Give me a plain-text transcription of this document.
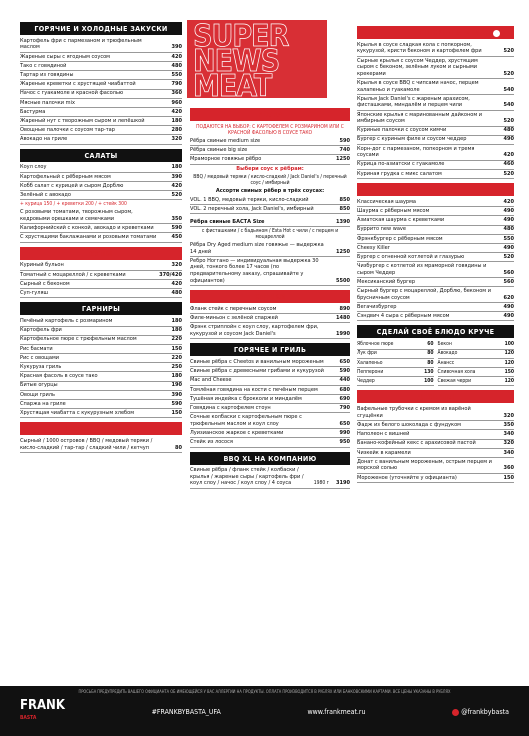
ГОРЯЧИЕ И ХОЛОДНЫЕ ЗАКУСКИ
Картофель фри с пармезаном и трюфельным маслом	390
Жареные сыры с ягодным соусом	420
Тако с говядиной	480
Тартар из говядины	550
Жареные креветки с хрустящей чиабаттой	790
Начос с гуакамоле и красной фасолью	360
Мясные палочки mix	960
Бастурма	420
Жареный нут с творожным сыром и лепёшкой	180
Овощные палочки с соусом тар-тар	280
Авокадо на гриле	320
САЛАТЫ
Коул слоу	180
Картофельный с рёберным мясом	390
Кобб салат с курицей и сыром Дорблю	420
Зелёный с авокадо	520
+ курица 150 / + креветки 200 / + стейк 300
С розовыми томатами, творожным сыром, кедровыми орешками и семечками	350
Калифорнийский с конкой, авокадо и креветками	590
С хрустящими баклажанами и розовыми томатами	450
СУПЫ
Куриный бульон	320
Томатный с моцареллой / с креветками	370/420
Сырный с беконом	420
Суп-гуляш	480
ГАРНИРЫ
Печёный картофель с розмарином	180
Картофель фри	180
Картофельное пюре с трюфельным маслом	220
Рис басмати	150
Рис с овощами	220
Кукуруза гриль	250
Красная фасоль в соусе тако	180
Битые огурцы	190
Овощи гриль	390
Спаржа на гриле	590
Хрустящая чиабатта с кукурузным хлебом	150
СОУСЫ НА ВЫБОР
Сырный / 1000 островов / BBQ / медовый теряки / кисло-сладкий / тар-тар / сладкий чили / кетчуп	80
SUPER
NEWS
MEAT
РЁБРА
ПОДАЮТСЯ НА ВЫБОР: С КАРТОФЕЛЕМ С РОЗМАРИНОМ ИЛИ С КРАСНОЙ ФАСОЛЬЮ В СОУСЕ ТАКО
Рёбра свиные medium size	590
Рёбра свиные big size	740
Мраморное говяжье рёбро	1250
Выбери соус к рёбрам:
BBQ / медовый теряки / кисло-сладкий / Jack Daniel's / перечный соус / имбирный
Ассорти свиных рёбер в трёх соусах:
VOL. 1 BBQ, медовый теряки, кисло-сладкий	850
VOL. 2 перечный хола, Jack Daniel's, имбирный	850
Рёбра свиные БАСТА Size	1390
с фисташками / с бадьяном / Esta Hot с чили / с перцем и моцареллой
Рёбра Dry Aged medium size говяжье — выдержка 14 дней	1250
Ребро Ноггано — индивидуальная выдержка 30 дней, тонкого более 17 часов (по предварительному заказу, спрашивайте у официантов)	5500
СТЕЙКИ
Фланк стейк с перечным соусом	890
Филе-миньон с зелёной спаржей	1480
Фрэнк стриплойн с коул слоу, картофелем фри, кукурузой и соусом Jack Daniel's	1990
ГОРЯЧЕЕ И ГРИЛЬ
Свиные рёбра с Cheetos и ванильным мороженым	650
Свиные рёбра с древесными грибами и кукурузой	590
Mac and Cheese	440
Томлёная говядина на кости с печёным перцем	680
Тушёная индейка с брокколи и миндалём	690
Говядина с картофелем стоун	790
Сочные колбаски с картофельным пюре с трюфельным маслом и коул слоу	650
Луизианское жаркое с креветками	990
Стейк из лосося	950
BBQ XL НА КОМПАНИЮ
Свиные рёбра / фланк стейк / колбаски / крылья / жареные сыры / картофель фри / коул слоу / начос / коул слоу / 4 соуса	1980 г	3190
CHICKEN & WINGS
Крылья в соусе сладкая кола с попкорном, кукурузой, кристи беконом и картофелем фри	520
Сырные крылья с соусом Чеддер, хрустящим сыром с беконом, зелёным луком и сырными крекерами	520
Крылья в соусе BBQ с чипсами начос, перцем халапеньо и гуакамоле	540
Крылья Jack Daniel's с жареным арахисом, фисташками, миндалём и перцем чили	540
Японские крылья с маринованным дайконом и имбирным соусом	520
Куриные палочки с соусом кимчи	480
Бургер с куриным филе и соусом чеддер	490
Корн-дог с пармезаном, попкорном и тремя соусами	420
Курица по-азиатски с гуакамоле	460
Куриная грудка с микс салатом	520
СТРИТФУД
Классическая шаурма	420
Шаурма с рёберным мясом	490
Азиатская шаурма с креветками	490
Буррито new wave	480
Фрэнкбургер с рёберным мясом	550
Cheesy Killer	490
Бургер с огненной котлетой и глазурью	520
Чизбургер с котлетой из мраморной говядины и сыром Чеддер	560
Мексиканский бургер	560
Сырный бургер с моцареллой, Дорблю, беконом и брусничным соусом	620
Вегачизбургер	490
Сэндвич 4 сыра с рёберным мясом	490
СДЕЛАЙ СВОЁ БЛЮДО КРУЧЕ
Яблочное пюре	60
Лук фри	80
Халапеньо	80
Пепперони	130
Чеддер	100
Бекон	100
Авокадо	120
Анансс	120
Сливочная хола	150
Свежая черри	120
ДЕСЕРТЫ
Вафельные трубочки с кремом из варёной сгущёнки	320
Фадж из белого шоколада с фундуком	350
Наполеон с вишней	340
Банано-кофейный кекс с арахисовой пастой	320
Чизкейк в карамели	340
Донат с ванильным мороженым, острым перцем и морской солью	360
Мороженое (уточняйте у официанта)	150
ПРОСЬБА ПРЕДУПРЕДИТЬ ВАШЕГО ОФИЦИАНТА ОБ ИМЕЮЩЕЙСЯ У ВАС АЛЛЕРГИИ НА ПРОДУКТЫ. ОПЛАТА ПРОИЗВОДИТСЯ В РУБЛЯХ ИЛИ БАНКОВСКИМИ КАРТАМИ. ВСЕ ЦЕНЫ УКАЗАНЫ В РУБЛЯХ
FRANK
BASTA
#FRANKBYBASTA_UFA	www.frankmeat.ru	@frankbybasta
